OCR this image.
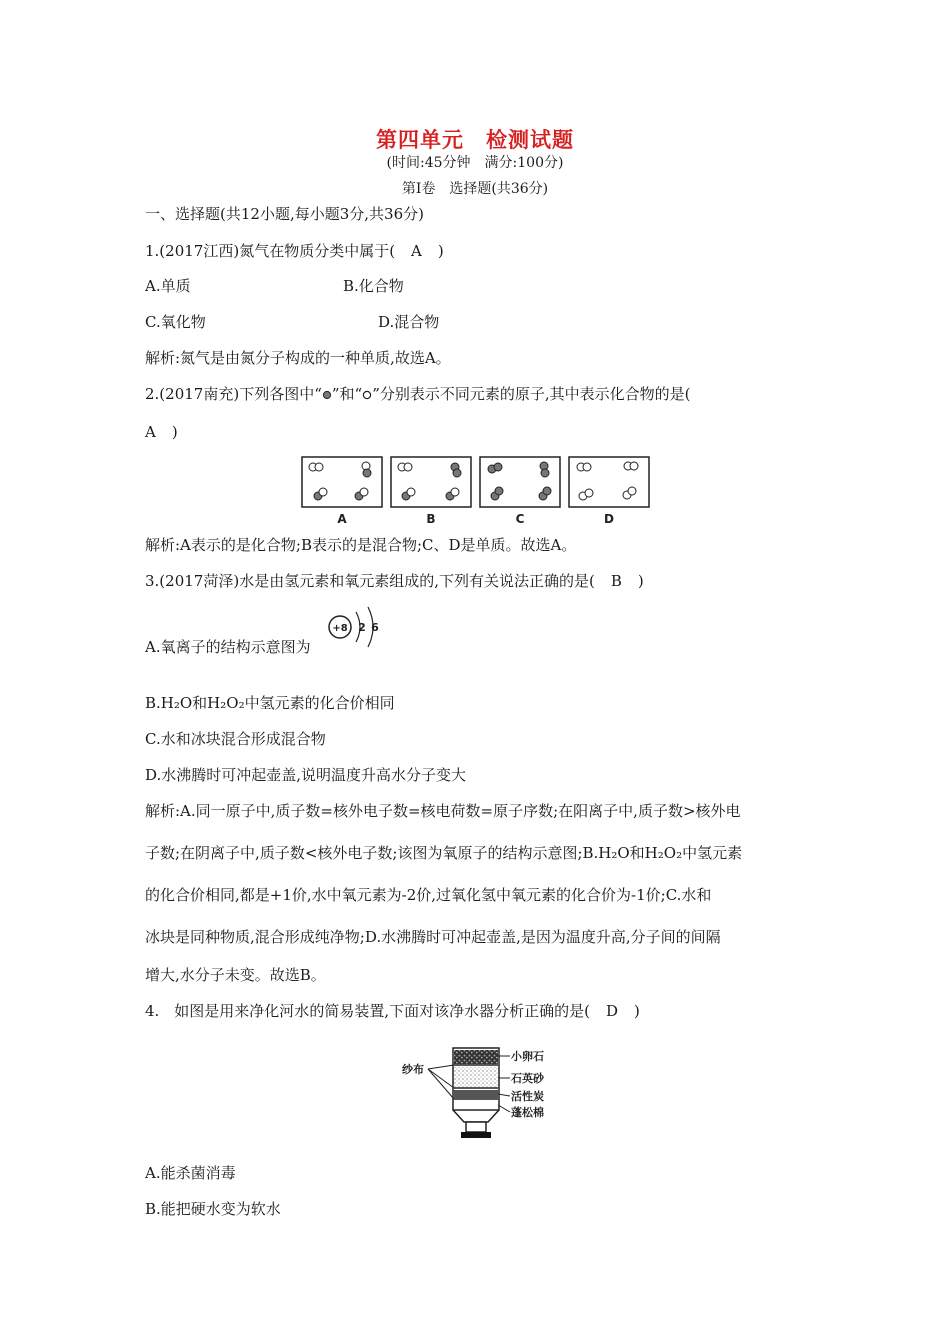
第四单元　检测试题
(时间:45分钟　满分:100分)
第Ⅰ卷　选择题(共36分)
一、选择题(共12小题,每小题3分,共36分)
1.(2017江西)氮气在物质分类中属于( A )
A.单质	B.化合物
C.氧化物	D.混合物
解析:氮气是由氮分子构成的一种单质,故选A。
2.(2017南充)下列各图中“ ”和“ ”分别表示不同元素的原子,其中表示化合物的是(
A )
A	B	C	D
解析:A表示的是化合物;B表示的是混合物;C、D是单质。故选A。
3.(2017菏泽)水是由氢元素和氧元素组成的,下列有关说法正确的是( B )
A.氧离子的结构示意图为
+8 2 6
B.H₂O和H₂O₂中氢元素的化合价相同
C.水和冰块混合形成混合物
D.水沸腾时可冲起壶盖,说明温度升高水分子变大
解析:A.同一原子中,质子数=核外电子数=核电荷数=原子序数;在阳离子中,质子数>核外电
子数;在阴离子中,质子数<核外电子数;该图为氧原子的结构示意图;B.H₂O和H₂O₂中氢元素
的化合价相同,都是+1价,水中氧元素为-2价,过氧化氢中氧元素的化合价为-1价;C.水和
冰块是同种物质,混合形成纯净物;D.水沸腾时可冲起壶盖,是因为温度升高,分子间的间隔
增大,水分子未变。故选B。
4.　如图是用来净化河水的简易装置,下面对该净水器分析正确的是( D )
纱布
小卵石
石英砂
活性炭
蓬松棉
A.能杀菌消毒
B.能把硬水变为软水
